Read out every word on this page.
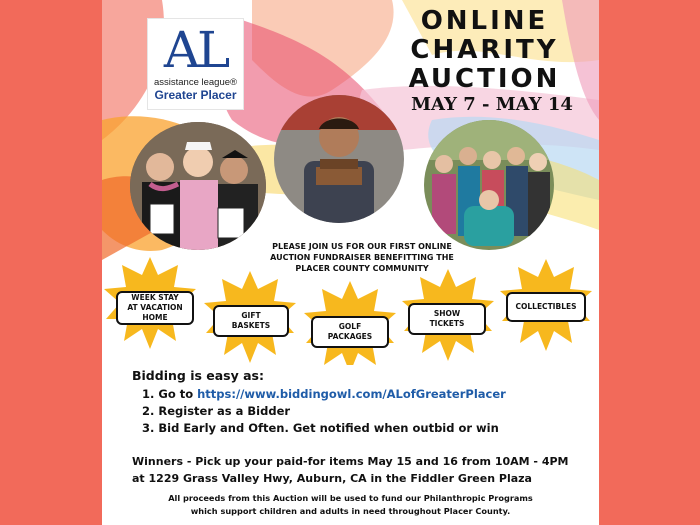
AL
assistance league®
Greater Placer
ONLINE
CHARITY
AUCTION
MAY 7 - MAY 14
PLEASE JOIN US FOR OUR FIRST ONLINE
AUCTION FUNDRAISER BENEFITTING THE
PLACER COUNTY COMMUNITY
WEEK STAY
AT VACATION
HOME	GIFT
BASKETS	GOLF
PACKAGES
SHOW
TICKETS
COLLECTIBLES
Bidding is easy as:
1. Go to https://www.biddingowl.com/ALofGreaterPlacer
2. Register as a Bidder
3. Bid Early and Often. Get notified when outbid or win
Winners - Pick up your paid-for items May 15 and 16 from 10AM - 4PM
at 1229 Grass Valley Hwy, Auburn, CA in the Fiddler Green Plaza
All proceeds from this Auction will be used to fund our Philanthropic Programs
which support children and adults in need throughout Placer County.
